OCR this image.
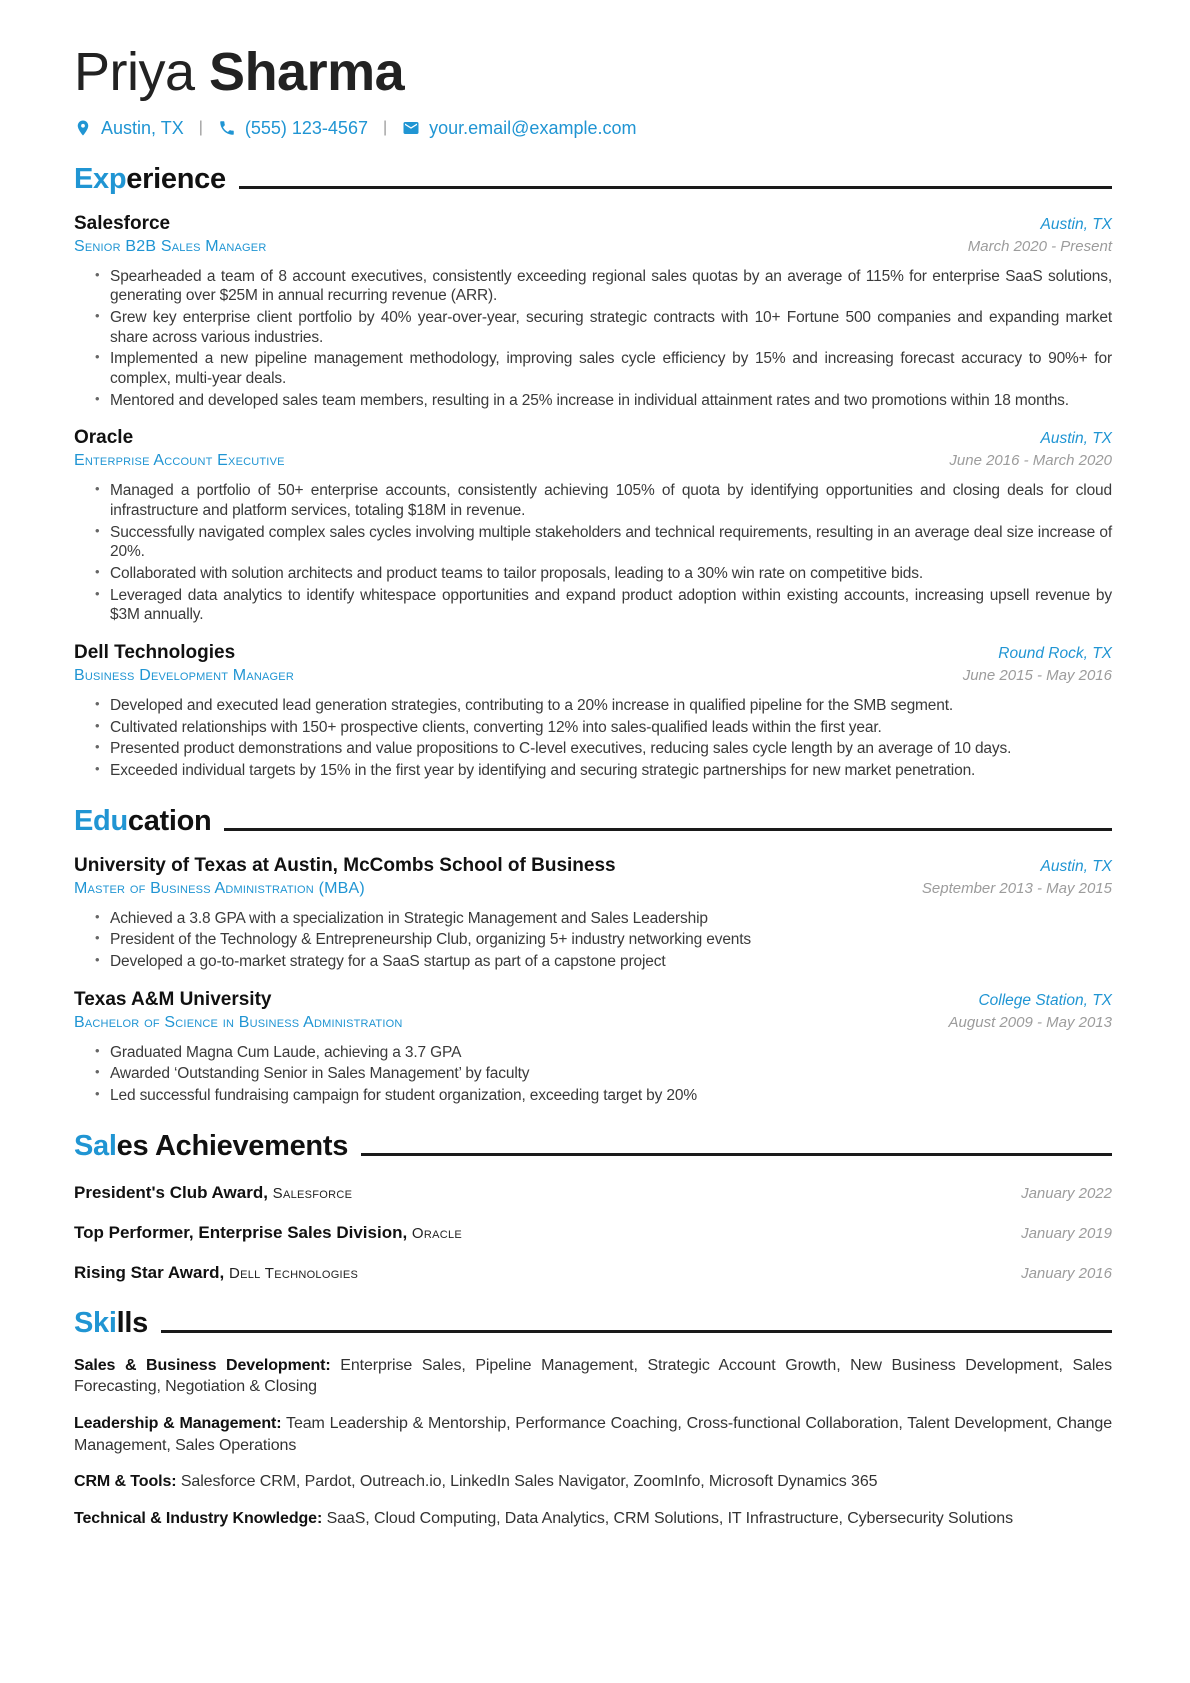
Priya Sharma
Austin, TX | (555) 123-4567 | your.email@example.com
Experience
Salesforce	Austin, TX
Senior B2B Sales Manager	March 2020 - Present
• Spearheaded a team of 8 account executives, consistently exceeding regional sales quotas by an average of 115% for enterprise SaaS solutions, generating over $25M in annual recurring revenue (ARR).
• Grew key enterprise client portfolio by 40% year-over-year, securing strategic contracts with 10+ Fortune 500 companies and expanding market share across various industries.
• Implemented a new pipeline management methodology, improving sales cycle efficiency by 15% and increasing forecast accuracy to 90%+ for complex, multi-year deals.
• Mentored and developed sales team members, resulting in a 25% increase in individual attainment rates and two promotions within 18 months.
Oracle	Austin, TX
Enterprise Account Executive	June 2016 - March 2020
• Managed a portfolio of 50+ enterprise accounts, consistently achieving 105% of quota by identifying opportunities and closing deals for cloud infrastructure and platform services, totaling $18M in revenue.
• Successfully navigated complex sales cycles involving multiple stakeholders and technical requirements, resulting in an average deal size increase of 20%.
• Collaborated with solution architects and product teams to tailor proposals, leading to a 30% win rate on competitive bids.
• Leveraged data analytics to identify whitespace opportunities and expand product adoption within existing accounts, increasing upsell revenue by $3M annually.
Dell Technologies	Round Rock, TX
Business Development Manager	June 2015 - May 2016
• Developed and executed lead generation strategies, contributing to a 20% increase in qualified pipeline for the SMB segment.
• Cultivated relationships with 150+ prospective clients, converting 12% into sales-qualified leads within the first year.
• Presented product demonstrations and value propositions to C-level executives, reducing sales cycle length by an average of 10 days.
• Exceeded individual targets by 15% in the first year by identifying and securing strategic partnerships for new market penetration.
Education
University of Texas at Austin, McCombs School of Business	Austin, TX
Master of Business Administration (MBA)	September 2013 - May 2015
• Achieved a 3.8 GPA with a specialization in Strategic Management and Sales Leadership
• President of the Technology & Entrepreneurship Club, organizing 5+ industry networking events
• Developed a go-to-market strategy for a SaaS startup as part of a capstone project
Texas A&M University	College Station, TX
Bachelor of Science in Business Administration	August 2009 - May 2013
• Graduated Magna Cum Laude, achieving a 3.7 GPA
• Awarded ‘Outstanding Senior in Sales Management’ by faculty
• Led successful fundraising campaign for student organization, exceeding target by 20%
Sales Achievements
President's Club Award, Salesforce	January 2022
Top Performer, Enterprise Sales Division, Oracle	January 2019
Rising Star Award, Dell Technologies	January 2016
Skills

Sales & Business Development: Enterprise Sales, Pipeline Management, Strategic Account Growth, New Business Development, Sales Forecasting, Negotiation & Closing

Leadership & Management: Team Leadership & Mentorship, Performance Coaching, Cross-functional Collaboration, Talent Development, Change Management, Sales Operations

CRM & Tools: Salesforce CRM, Pardot, Outreach.io, LinkedIn Sales Navigator, ZoomInfo, Microsoft Dynamics 365

Technical & Industry Knowledge: SaaS, Cloud Computing, Data Analytics, CRM Solutions, IT Infrastructure, Cybersecurity Solutions
